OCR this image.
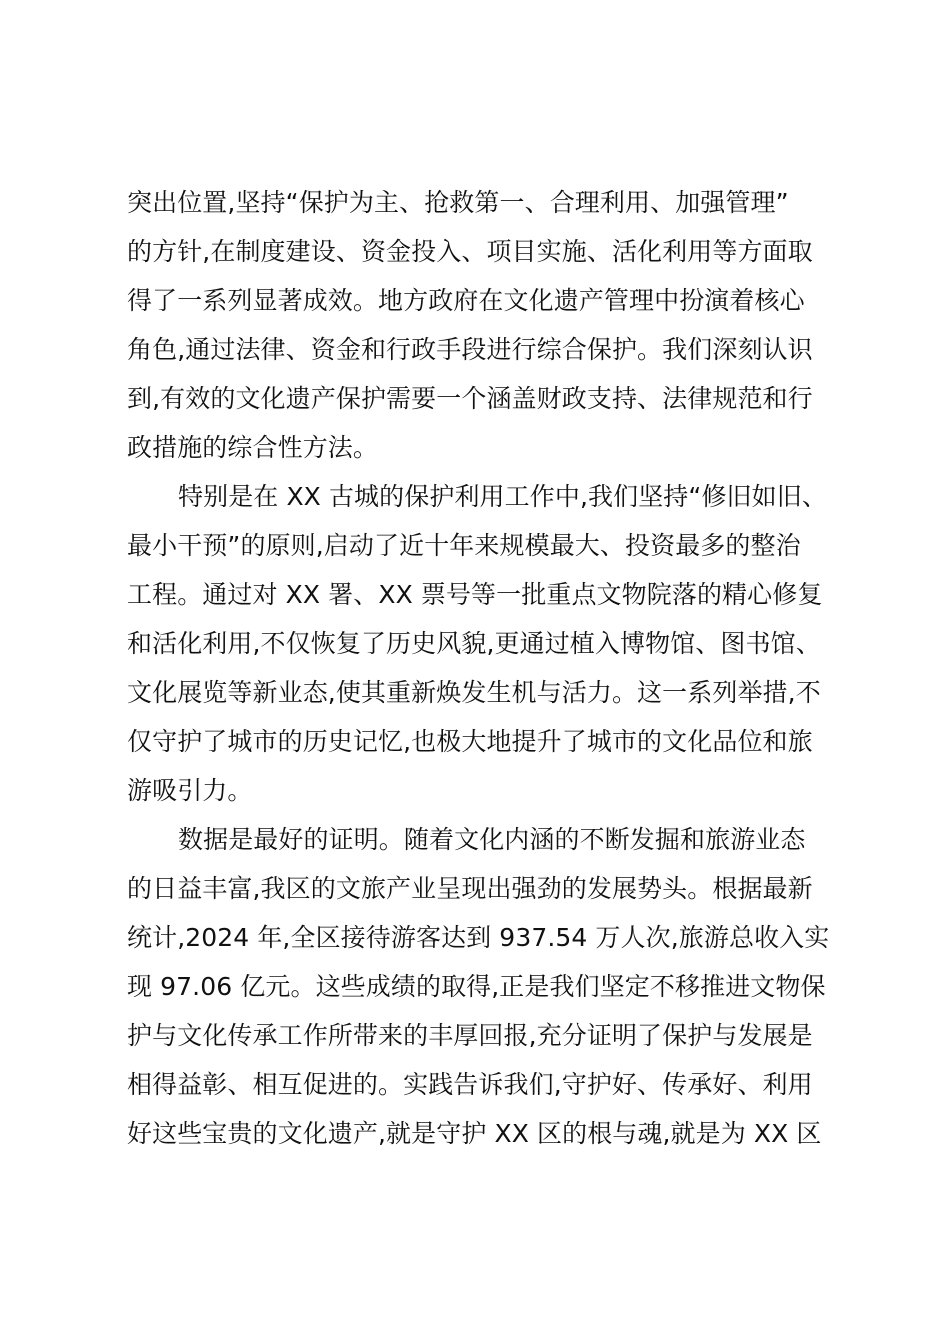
突出位置,坚持“保护为主、抢救第一、合理利用、加强管理”
的方针,在制度建设、资金投入、项目实施、活化利用等方面取
得了一系列显著成效。地方政府在文化遗产管理中扮演着核心
角色,通过法律、资金和行政手段进行综合保护。我们深刻认识
到,有效的文化遗产保护需要一个涵盖财政支持、法律规范和行
政措施的综合性方法。
特别是在 XX 古城的保护利用工作中,我们坚持“修旧如旧、
最小干预”的原则,启动了近十年来规模最大、投资最多的整治
工程。通过对 XX 署、XX 票号等一批重点文物院落的精心修复
和活化利用,不仅恢复了历史风貌,更通过植入博物馆、图书馆、
文化展览等新业态,使其重新焕发生机与活力。这一系列举措,不
仅守护了城市的历史记忆,也极大地提升了城市的文化品位和旅
游吸引力。
数据是最好的证明。随着文化内涵的不断发掘和旅游业态
的日益丰富,我区的文旅产业呈现出强劲的发展势头。根据最新
统计,2024 年,全区接待游客达到 937.54 万人次,旅游总收入实
现 97.06 亿元。这些成绩的取得,正是我们坚定不移推进文物保
护与文化传承工作所带来的丰厚回报,充分证明了保护与发展是
相得益彰、相互促进的。实践告诉我们,守护好、传承好、利用
好这些宝贵的文化遗产,就是守护 XX 区的根与魂,就是为 XX 区
